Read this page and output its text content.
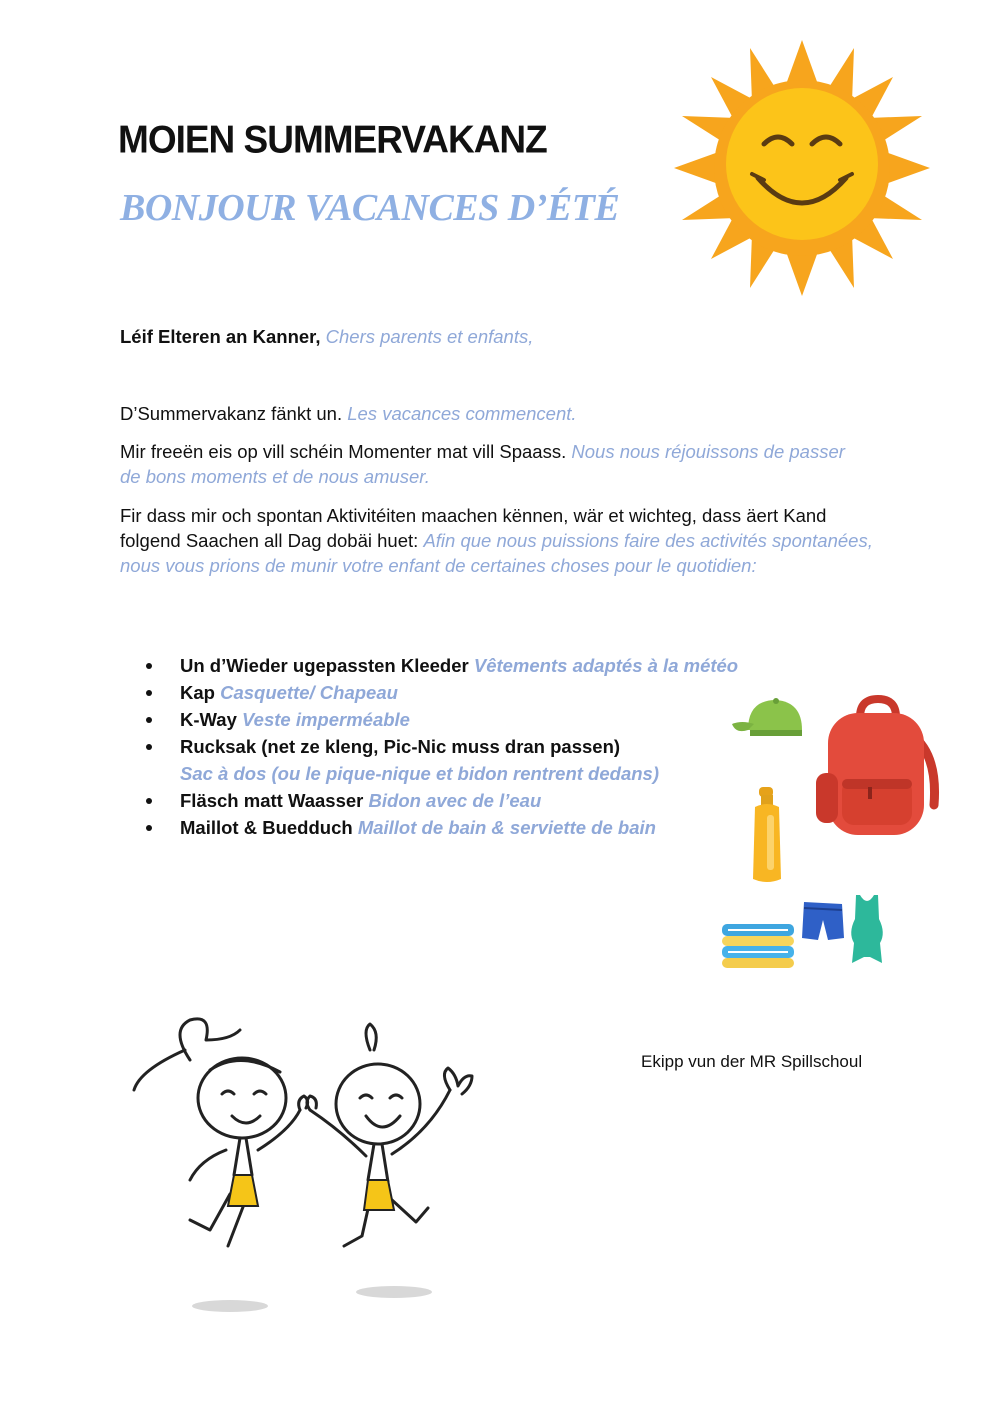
MOIEN SUMMERVAKANZ
BONJOUR VACANCES D’ÉTÉ
Léif Elteren an Kanner, Chers parents et enfants,
D’Summervakanz fänkt un. Les vacances commencent.
Mir freeën eis op vill schéin Momenter mat vill Spaass. Nous nous réjouissons de passer de bons moments et de nous amuser.
Fir dass mir och spontan Aktivitéiten maachen kënnen, wär et wichteg, dass äert Kand folgend Saachen all Dag dobäi huet: Afin que nous puissions faire des activités spontanées, nous vous prions de munir votre enfant de certaines choses pour le quotidien:
Un d’Wieder ugepassten Kleeder Vêtements adaptés à la météo
Kap Casquette/ Chapeau
K-Way Veste imperméable
Rucksak (net ze kleng, Pic-Nic muss dran passen)
Sac à dos (ou le pique-nique et bidon rentrent dedans)
Fläsch matt Waasser Bidon avec de l’eau
Maillot & Buedduch Maillot de bain & serviette de bain
Ekipp vun der MR Spillschoul
